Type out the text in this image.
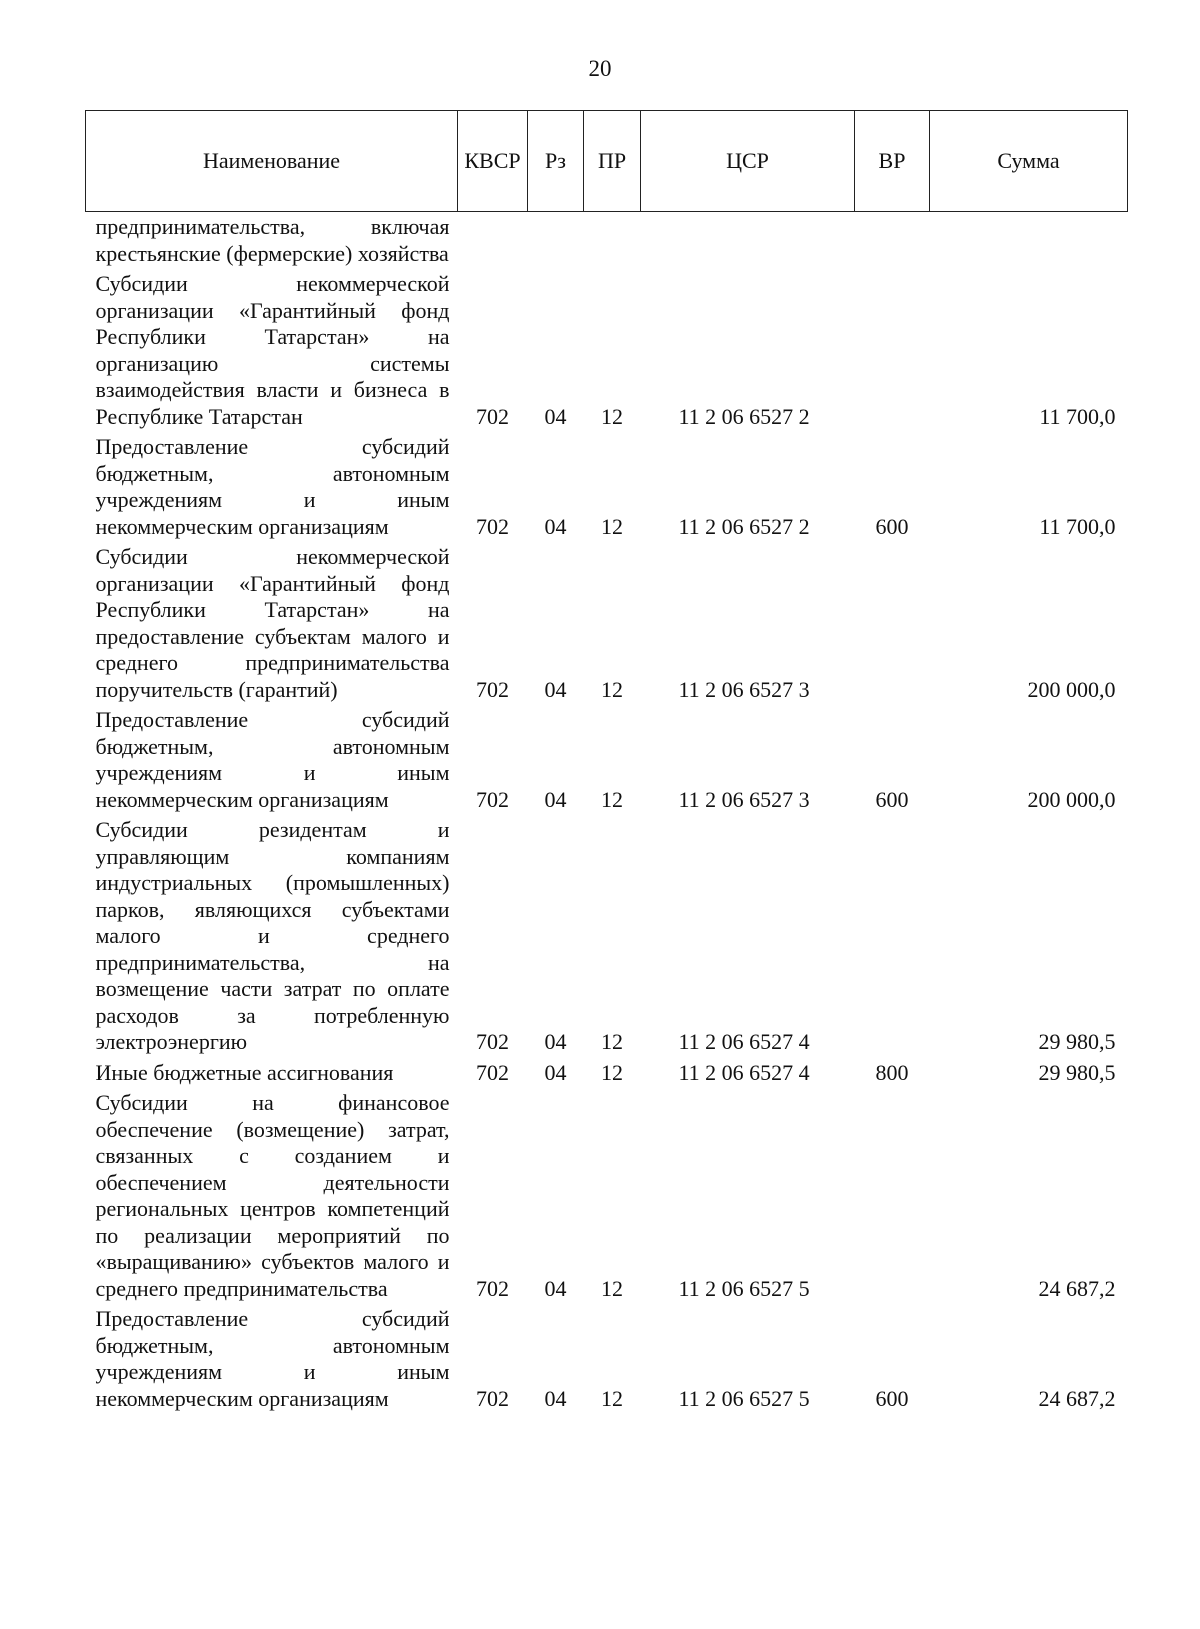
20
Наименование	КВСР	Рз	ПР	ЦСР	ВР	Сумма
предпринимательства, включая крестьянские (фермерские) хозяйства						
Субсидии некоммерческой организации «Гарантийный фонд Республики Татарстан» на организацию системы взаимодействия власти и бизнеса в Республике Татарстан	702	04	12	11 2 06 6527 2		11 700,0
Предоставление субсидий бюджетным, автономным учреждениям и иным некоммерческим организациям	702	04	12	11 2 06 6527 2	600	11 700,0
Субсидии некоммерческой организации «Гарантийный фонд Республики Татарстан» на предоставление субъектам малого и среднего предпринимательства поручительств (гарантий)	702	04	12	11 2 06 6527 3		200 000,0
Предоставление субсидий бюджетным, автономным учреждениям и иным некоммерческим организациям	702	04	12	11 2 06 6527 3	600	200 000,0
Субсидии резидентам и управляющим компаниям индустриальных (промышленных) парков, являющихся субъектами малого и среднего предпринимательства, на возмещение части затрат по оплате расходов за потребленную электроэнергию	702	04	12	11 2 06 6527 4		29 980,5
Иные бюджетные ассигнования	702	04	12	11 2 06 6527 4	800	29 980,5
Субсидии на финансовое обеспечение (возмещение) затрат, связанных с созданием и обеспечением деятельности региональных центров компетенций по реализации мероприятий по «выращиванию» субъектов малого и среднего предпринимательства	702	04	12	11 2 06 6527 5		24 687,2
Предоставление субсидий бюджетным, автономным учреждениям и иным некоммерческим организациям	702	04	12	11 2 06 6527 5	600	24 687,2
